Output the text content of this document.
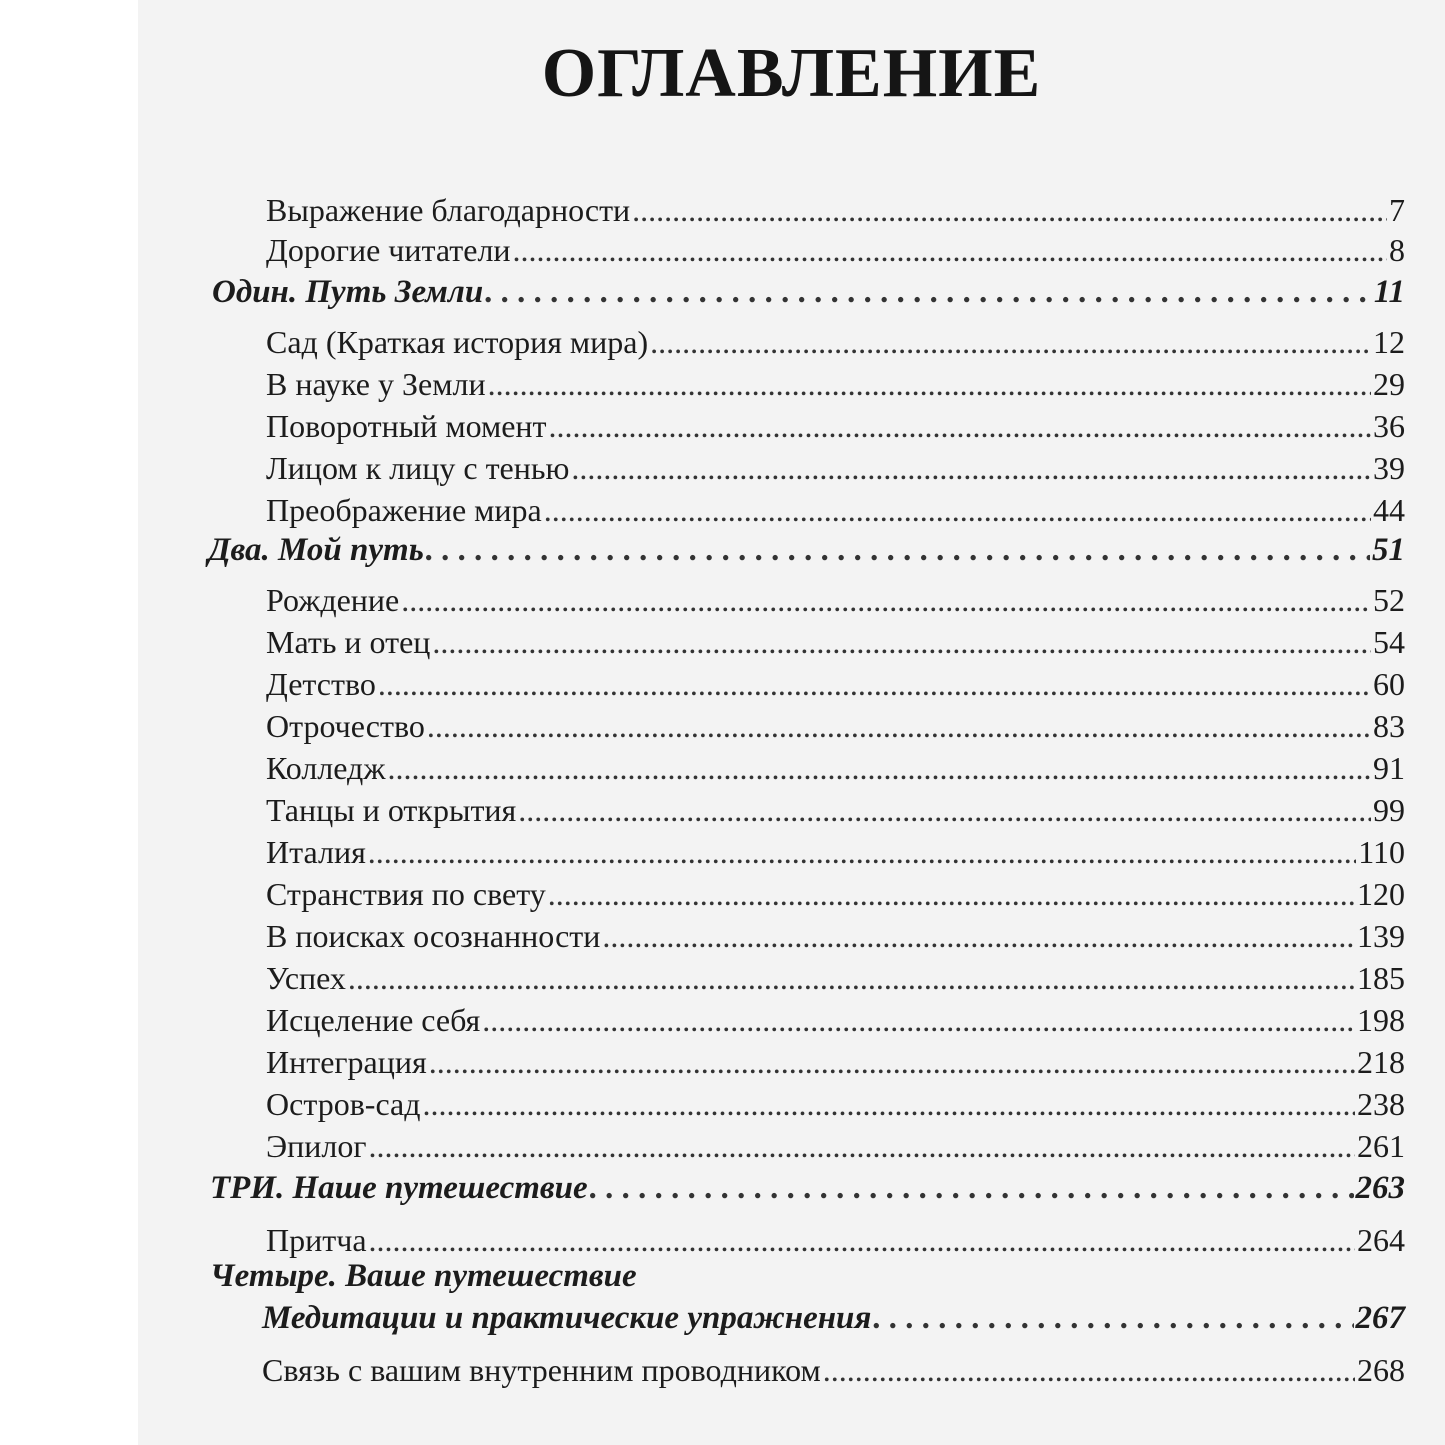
ОГЛАВЛЕНИЕ
Выражение благодарности .....	7
Дорогие читатели .....	8
Один. Путь Земли . . .	11
Сад (Краткая история мира) .....	12
В науке у Земли .....	29
Поворотный момент .....	36
Лицом к лицу с тенью .....	39
Преображение мира .....	44
Два. Мой путь . . .	51
Рождение .....	52
Мать и отец .....	54
Детство .....	60
Отрочество .....	83
Колледж .....	91
Танцы и открытия .....	99
Италия .....	110
Странствия по свету .....	120
В поисках осознанности .....	139
Успех .....	185
Исцеление себя .....	198
Интеграция .....	218
Остров-сад .....	238
Эпилог .....	261
ТРИ. Наше путешествие . . .	263
Притча .....	264
Четыре. Ваше путешествие
Медитации и практические упражнения . . .	267
Связь с вашим внутренним проводником .....	268
